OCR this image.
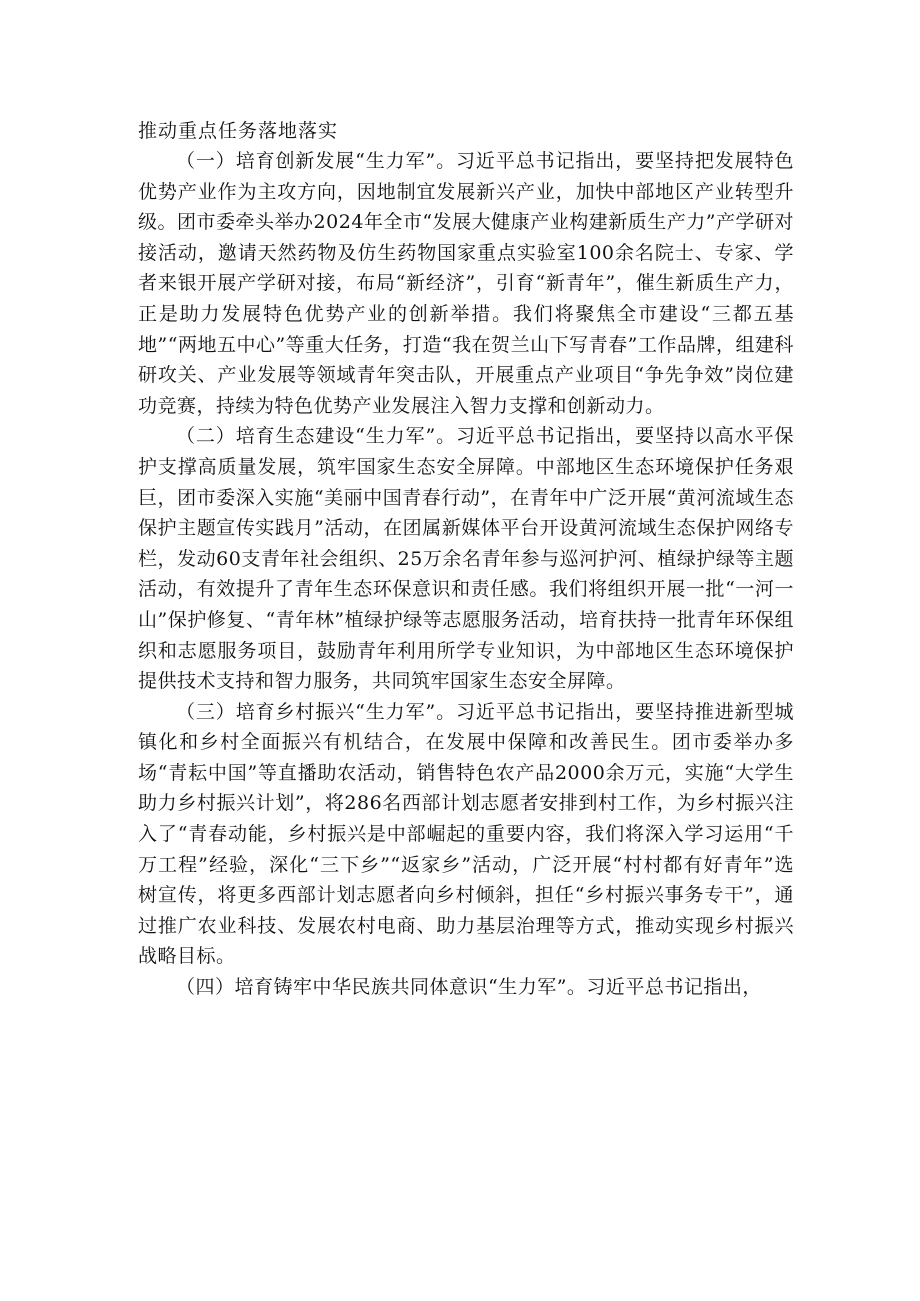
推动重点任务落地落实

（一）培育创新发展“生力军”。习近平总书记指出，要坚持把发展特色优势产业作为主攻方向，因地制宜发展新兴产业，加快中部地区产业转型升级。团市委牵头举办2024年全市“发展大健康产业构建新质生产力”产学研对接活动，邀请天然药物及仿生药物国家重点实验室100余名院士、专家、学者来银开展产学研对接，布局“新经济”，引育“新青年”，催生新质生产力，正是助力发展特色优势产业的创新举措。我们将聚焦全市建设“三都五基地”“两地五中心”等重大任务，打造“我在贺兰山下写青春”工作品牌，组建科研攻关、产业发展等领域青年突击队，开展重点产业项目“争先争效”岗位建功竞赛，持续为特色优势产业发展注入智力支撑和创新动力。

（二）培育生态建设“生力军”。习近平总书记指出，要坚持以高水平保护支撑高质量发展，筑牢国家生态安全屏障。中部地区生态环境保护任务艰巨，团市委深入实施“美丽中国青春行动”，在青年中广泛开展“黄河流域生态保护主题宣传实践月”活动，在团属新媒体平台开设黄河流域生态保护网络专栏，发动60支青年社会组织、25万余名青年参与巡河护河、植绿护绿等主题活动，有效提升了青年生态环保意识和责任感。我们将组织开展一批“一河一山”保护修复、“青年林”植绿护绿等志愿服务活动，培育扶持一批青年环保组织和志愿服务项目，鼓励青年利用所学专业知识，为中部地区生态环境保护提供技术支持和智力服务，共同筑牢国家生态安全屏障。

（三）培育乡村振兴“生力军”。习近平总书记指出，要坚持推进新型城镇化和乡村全面振兴有机结合，在发展中保障和改善民生。团市委举办多场“青耘中国”等直播助农活动，销售特色农产品2000余万元，实施“大学生助力乡村振兴计划”，将286名西部计划志愿者安排到村工作，为乡村振兴注入了“青春动能，乡村振兴是中部崛起的重要内容，我们将深入学习运用“千万工程”经验，深化“三下乡”“返家乡”活动，广泛开展“村村都有好青年”选树宣传，将更多西部计划志愿者向乡村倾斜，担任“乡村振兴事务专干”，通过推广农业科技、发展农村电商、助力基层治理等方式，推动实现乡村振兴战略目标。

（四）培育铸牢中华民族共同体意识“生力军”。习近平总书记指出，
